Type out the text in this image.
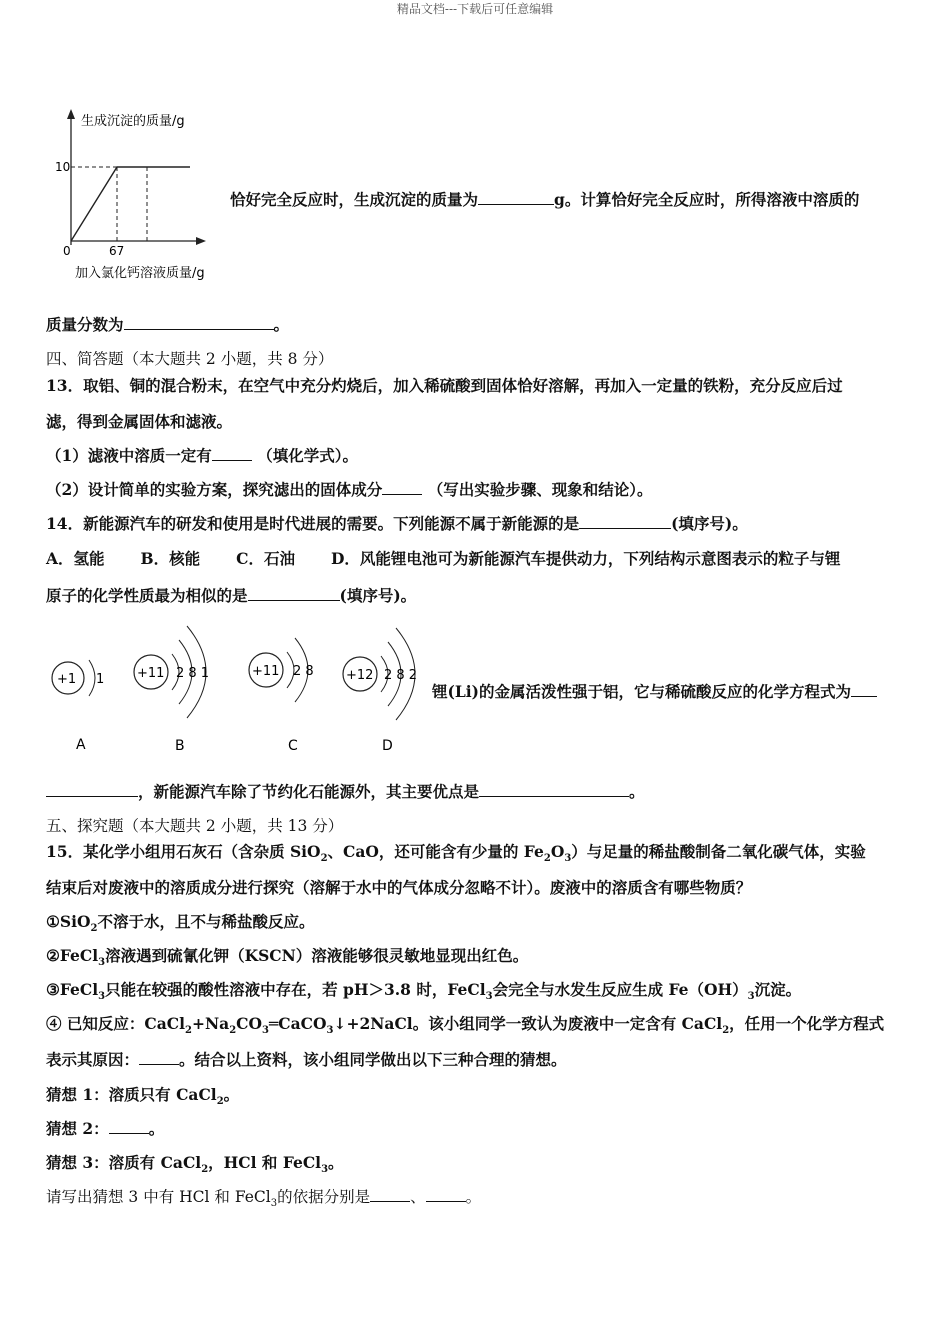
精品文档---下载后可任意编辑
生成沉淀的质量/g
10
0	67
加入氯化钙溶液质量/g
恰好完全反应时，生成沉淀的质量为	g。计算恰好完全反应时，所得溶液中溶质的
质量分数为	。
四、简答题（本大题共 2 小题，共 8 分）
13．取铝、铜的混合粉末，在空气中充分灼烧后，加入稀硫酸到固体恰好溶解，再加入一定量的铁粉，充分反应后过
滤，得到金属固体和滤液。
（1）滤液中溶质一定有	（填化学式）。
（2）设计简单的实验方案，探究滤出的固体成分	（写出实验步骤、现象和结论）。
14．新能源汽车的研发和使用是时代进展的需要。下列能源不属于新能源的是	(填序号)。
A．氢能 B．核能 C．石油 D．风能锂电池可为新能源汽车提供动力，下列结构示意图表示的粒子与锂
原子的化学性质最为相似的是	(填序号)。
+1 1
A
+11 2 8 1
B
+11 2 8
C
+12 2 8 2
D
锂(Li)的金属活泼性强于铝，它与稀硫酸反应的化学方程式为
，新能源汽车除了节约化石能源外，其主要优点是	。
五、探究题（本大题共 2 小题，共 13 分）
15．某化学小组用石灰石（含杂质 SiO$_2$、CaO，还可能含有少量的 $Fe_2O_3$）与足量的稀盐酸制备二氧化碳气体，实验
结束后对废液中的溶质成分进行探究（溶解于水中的气体成分忽略不计）。废液中的溶质含有哪些物质？
①SiO$_2$不溶于水，且不与稀盐酸反应。
②FeCl$_3$溶液遇到硫氰化钾（KSCN）溶液能够很灵敏地显现出红色。
③FeCl$_3$只能在较强的酸性溶液中存在，若 pH＞3.8 时，FeCl$_3$会完全与水发生反应生成 $Fe(OH)_3$沉淀。
④ 已知反应：$CaCl_2+Na_2CO_3═CaCO_3↓+2NaCl$。该小组同学一致认为废液中一定含有 CaCl$_2$，任用一个化学方程式
表示其原因：	。结合以上资料，该小组同学做出以下三种合理的猜想。
猜想 1：溶质只有 CaCl$_2$。
猜想 2：	。
猜想 3：溶质有 CaCl$_2$，HCl 和 FeCl$_3$。
请写出猜想 3 中有 HCl 和 FeCl$_3$的依据分别是	、	。
